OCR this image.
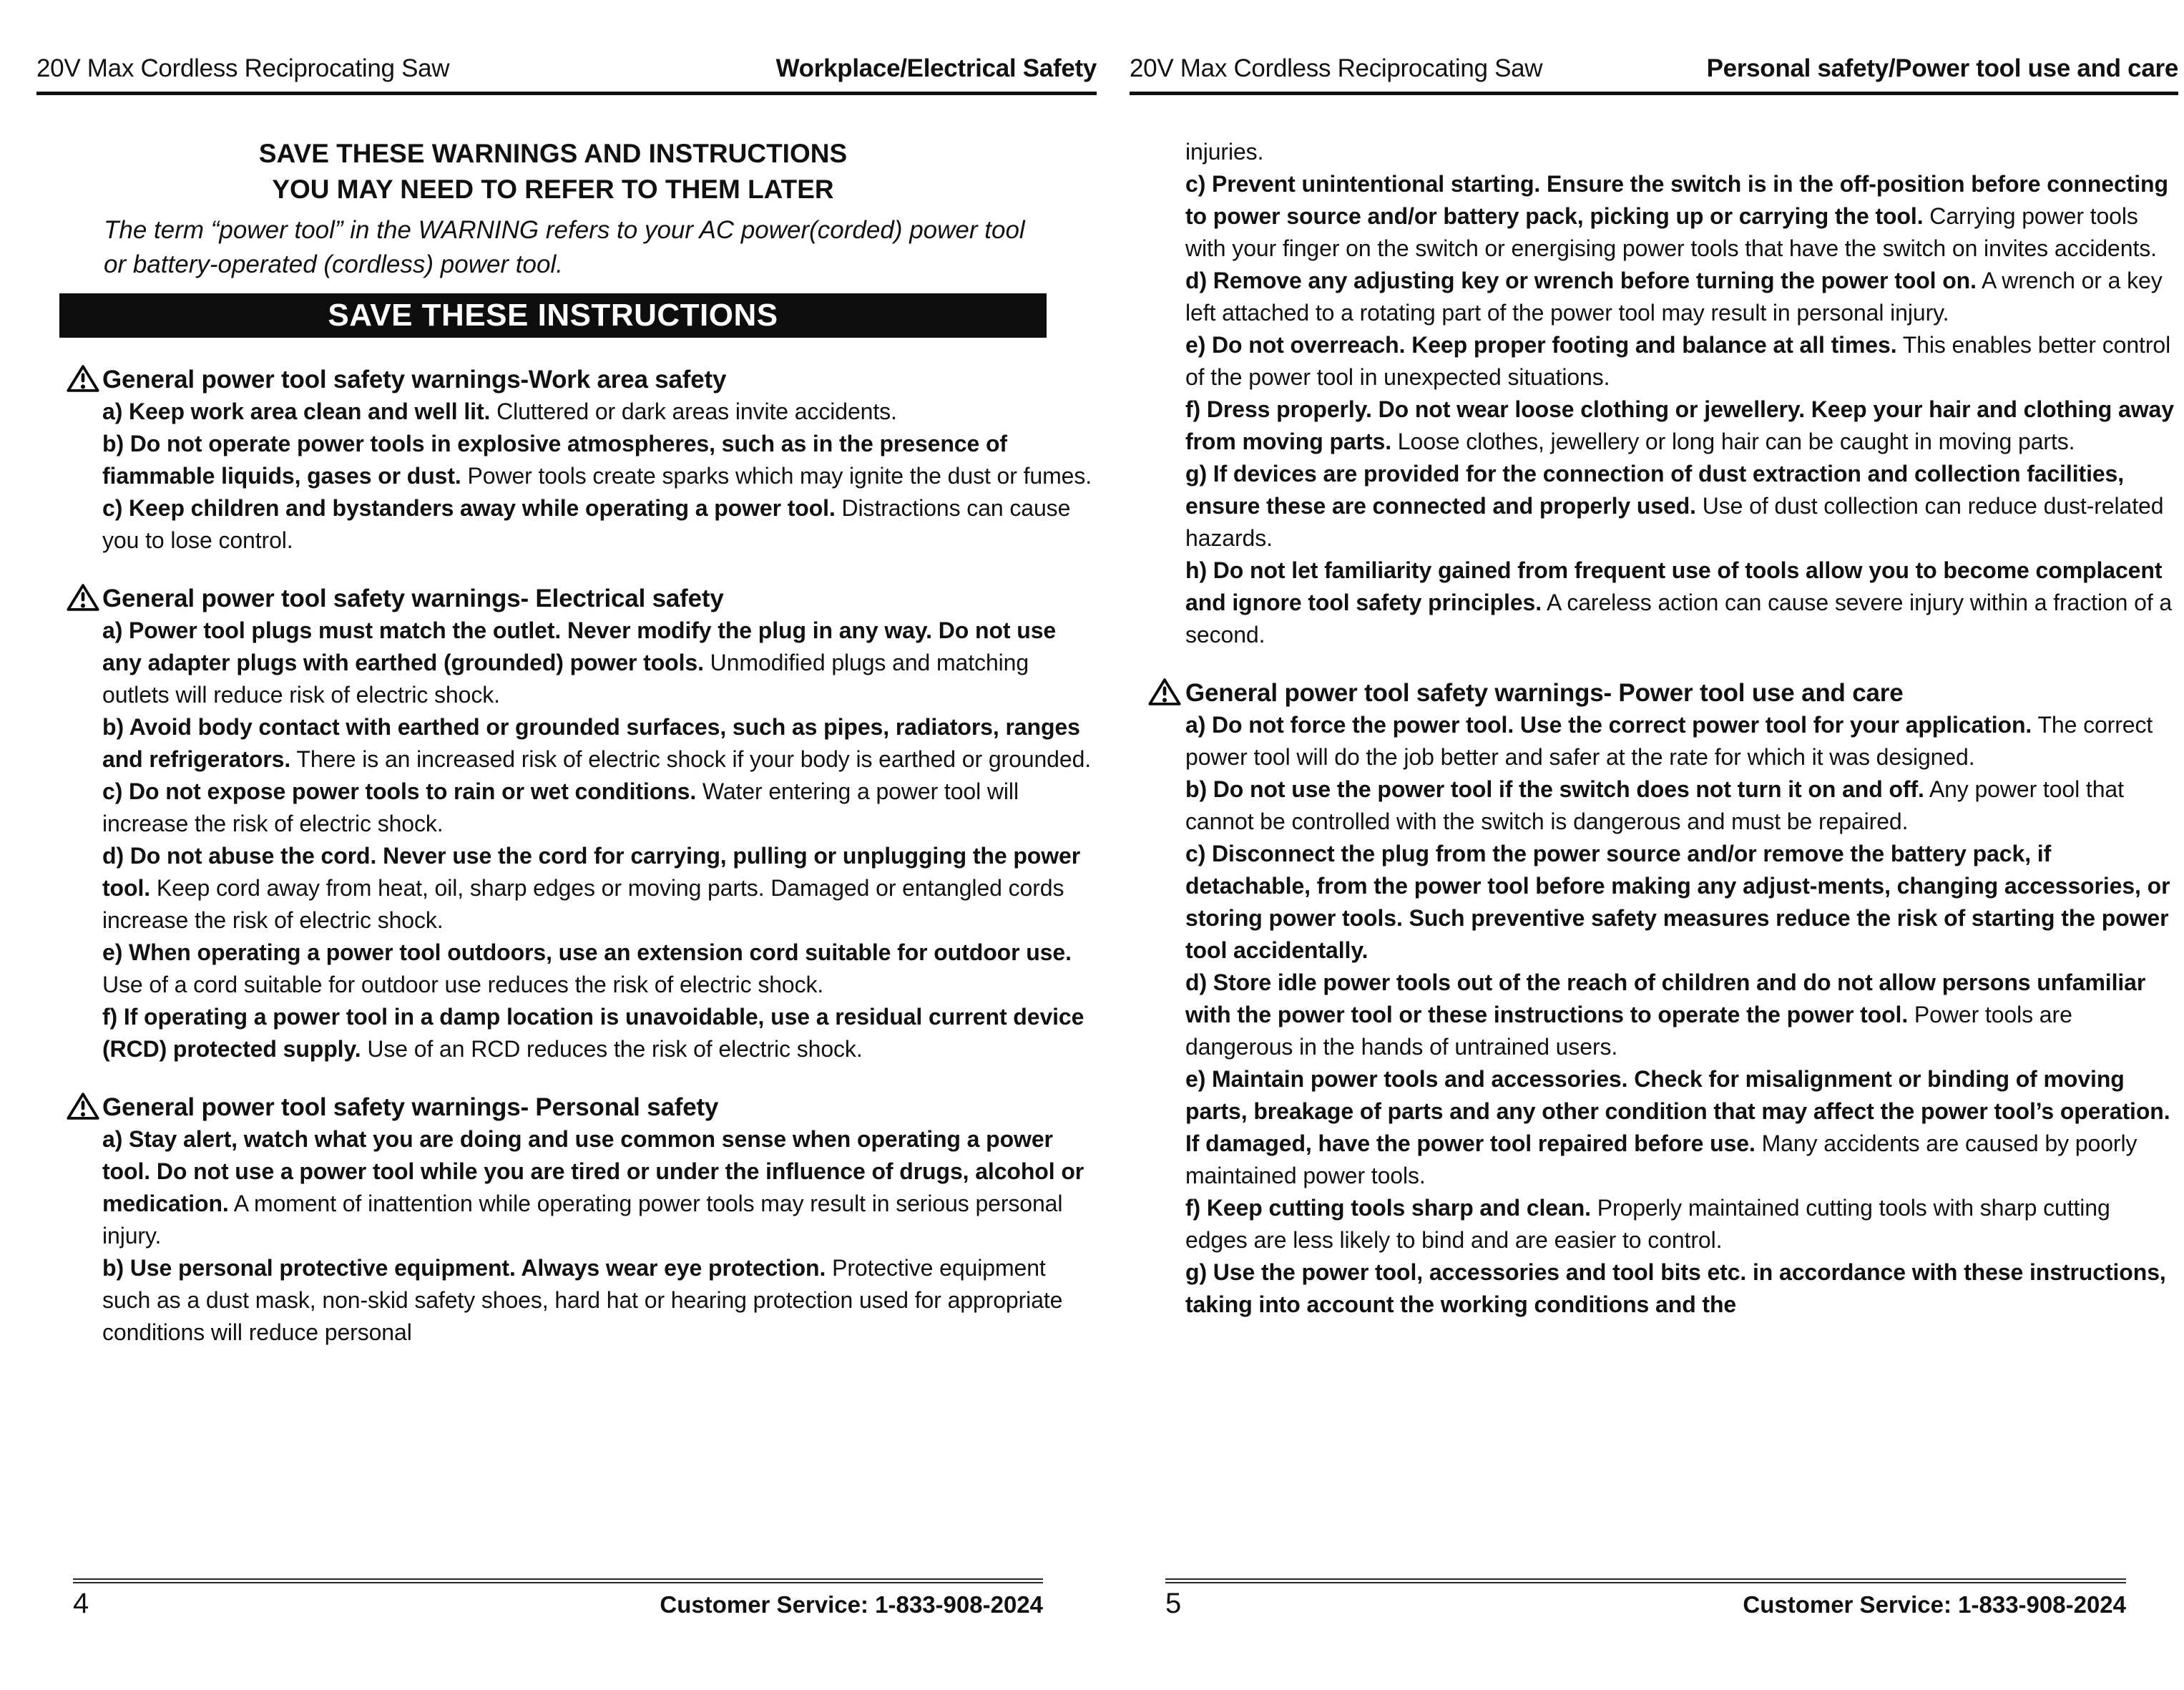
20V Max Cordless Reciprocating Saw	Workplace/Electrical Safety
SAVE THESE WARNINGS AND INSTRUCTIONS
YOU MAY NEED TO REFER TO THEM LATER

The term “power tool” in the WARNING refers to your AC power(corded) power tool or battery-operated (cordless) power tool.

SAVE THESE INSTRUCTIONS
General power tool safety warnings-Work area safety

a) Keep work area clean and well lit. Cluttered or dark areas invite accidents.

b) Do not operate power tools in explosive atmospheres, such as in the presence of fiammable liquids, gases or dust. Power tools create sparks which may ignite the dust or fumes.

c) Keep children and bystanders away while operating a power tool. Distractions can cause you to lose control.

General power tool safety warnings- Electrical safety

a) Power tool plugs must match the outlet. Never modify the plug in any way. Do not use any adapter plugs with earthed (grounded) power tools. Unmodified plugs and matching outlets will reduce risk of electric shock.

b) Avoid body contact with earthed or grounded surfaces, such as pipes, radiators, ranges and refrigerators. There is an increased risk of electric shock if your body is earthed or grounded.

c) Do not expose power tools to rain or wet conditions. Water entering a power tool will increase the risk of electric shock.

d) Do not abuse the cord. Never use the cord for carrying, pulling or unplugging the power tool. Keep cord away from heat, oil, sharp edges or moving parts. Damaged or entangled cords increase the risk of electric shock.

e) When operating a power tool outdoors, use an extension cord suitable for outdoor use. Use of a cord suitable for outdoor use reduces the risk of electric shock.

f) If operating a power tool in a damp location is unavoidable, use a residual current device (RCD) protected supply. Use of an RCD reduces the risk of electric shock.

General power tool safety warnings- Personal safety

a) Stay alert, watch what you are doing and use common sense when operating a power tool. Do not use a power tool while you are tired or under the influence of drugs, alcohol or medication. A moment of inattention while operating power tools may result in serious personal injury.

b) Use personal protective equipment. Always wear eye protection. Protective equipment such as a dust mask, non-skid safety shoes, hard hat or hearing protection used for appropriate conditions will reduce personal

4	Customer Service: 1-833-908-2024
20V Max Cordless Reciprocating Saw	Personal safety/Power tool use and care

injuries.

c) Prevent unintentional starting. Ensure the switch is in the off-position before connecting to power source and/or battery pack, picking up or carrying the tool. Carrying power tools with your finger on the switch or energising power tools that have the switch on invites accidents.

d) Remove any adjusting key or wrench before turning the power tool on. A wrench or a key left attached to a rotating part of the power tool may result in personal injury.

e) Do not overreach. Keep proper footing and balance at all times. This enables better control of the power tool in unexpected situations.

f) Dress properly. Do not wear loose clothing or jewellery. Keep your hair and clothing away from moving parts. Loose clothes, jewellery or long hair can be caught in moving parts.

g) If devices are provided for the connection of dust extraction and collection facilities, ensure these are connected and properly used. Use of dust collection can reduce dust-related hazards.

h) Do not let familiarity gained from frequent use of tools allow you to become complacent and ignore tool safety principles. A careless action can cause severe injury within a fraction of a second.

General power tool safety warnings- Power tool use and care

a) Do not force the power tool. Use the correct power tool for your application. The correct power tool will do the job better and safer at the rate for which it was designed.

b) Do not use the power tool if the switch does not turn it on and off. Any power tool that cannot be controlled with the switch is dangerous and must be repaired.

c) Disconnect the plug from the power source and/or remove the battery pack, if detachable, from the power tool before making any adjust-ments, changing accessories, or storing power tools. Such preventive safety measures reduce the risk of starting the power tool accidentally.

d) Store idle power tools out of the reach of children and do not allow persons unfamiliar with the power tool or these instructions to operate the power tool. Power tools are dangerous in the hands of untrained users.

e) Maintain power tools and accessories. Check for misalignment or binding of moving parts, breakage of parts and any other condition that may affect the power tool’s operation. If damaged, have the power tool repaired before use. Many accidents are caused by poorly maintained power tools.

f) Keep cutting tools sharp and clean. Properly maintained cutting tools with sharp cutting edges are less likely to bind and are easier to control.

g) Use the power tool, accessories and tool bits etc. in accordance with these instructions, taking into account the working conditions and the

5	Customer Service: 1-833-908-2024
